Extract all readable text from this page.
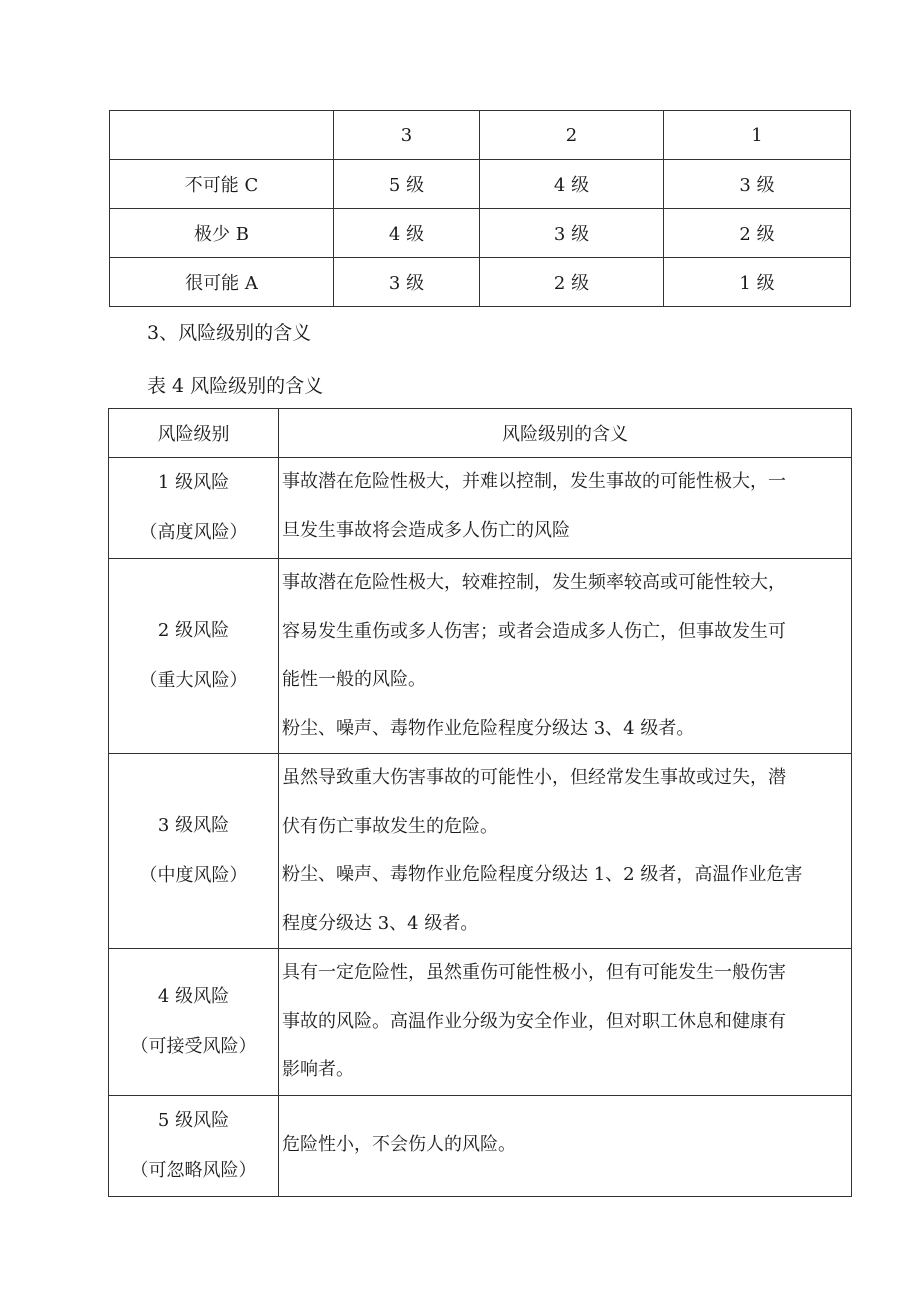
	3	2	1
不可能 C	5 级	4 级	3 级
极少 B	4 级	3 级	2 级
很可能 A	3 级	2 级	1 级

3、风险级别的含义

表 4 风险级别的含义

风险级别	风险级别的含义

1 级风险
（高度风险）	事故潜在危险性极大，并难以控制，发生事故的可能性极大，一
旦发生事故将会造成多人伤亡的风险

2 级风险
（重大风险）	事故潜在危险性极大，较难控制，发生频率较高或可能性较大，
容易发生重伤或多人伤害；或者会造成多人伤亡，但事故发生可
能性一般的风险。
粉尘、噪声、毒物作业危险程度分级达 3、4 级者。

3 级风险
（中度风险）	虽然导致重大伤害事故的可能性小，但经常发生事故或过失，潜
伏有伤亡事故发生的危险。
粉尘、噪声、毒物作业危险程度分级达 1、2 级者，高温作业危害
程度分级达 3、4 级者。

4 级风险
（可接受风险）	具有一定危险性，虽然重伤可能性极小，但有可能发生一般伤害
事故的风险。高温作业分级为安全作业，但对职工休息和健康有
影响者。

5 级风险
（可忽略风险）	危险性小，不会伤人的风险。
